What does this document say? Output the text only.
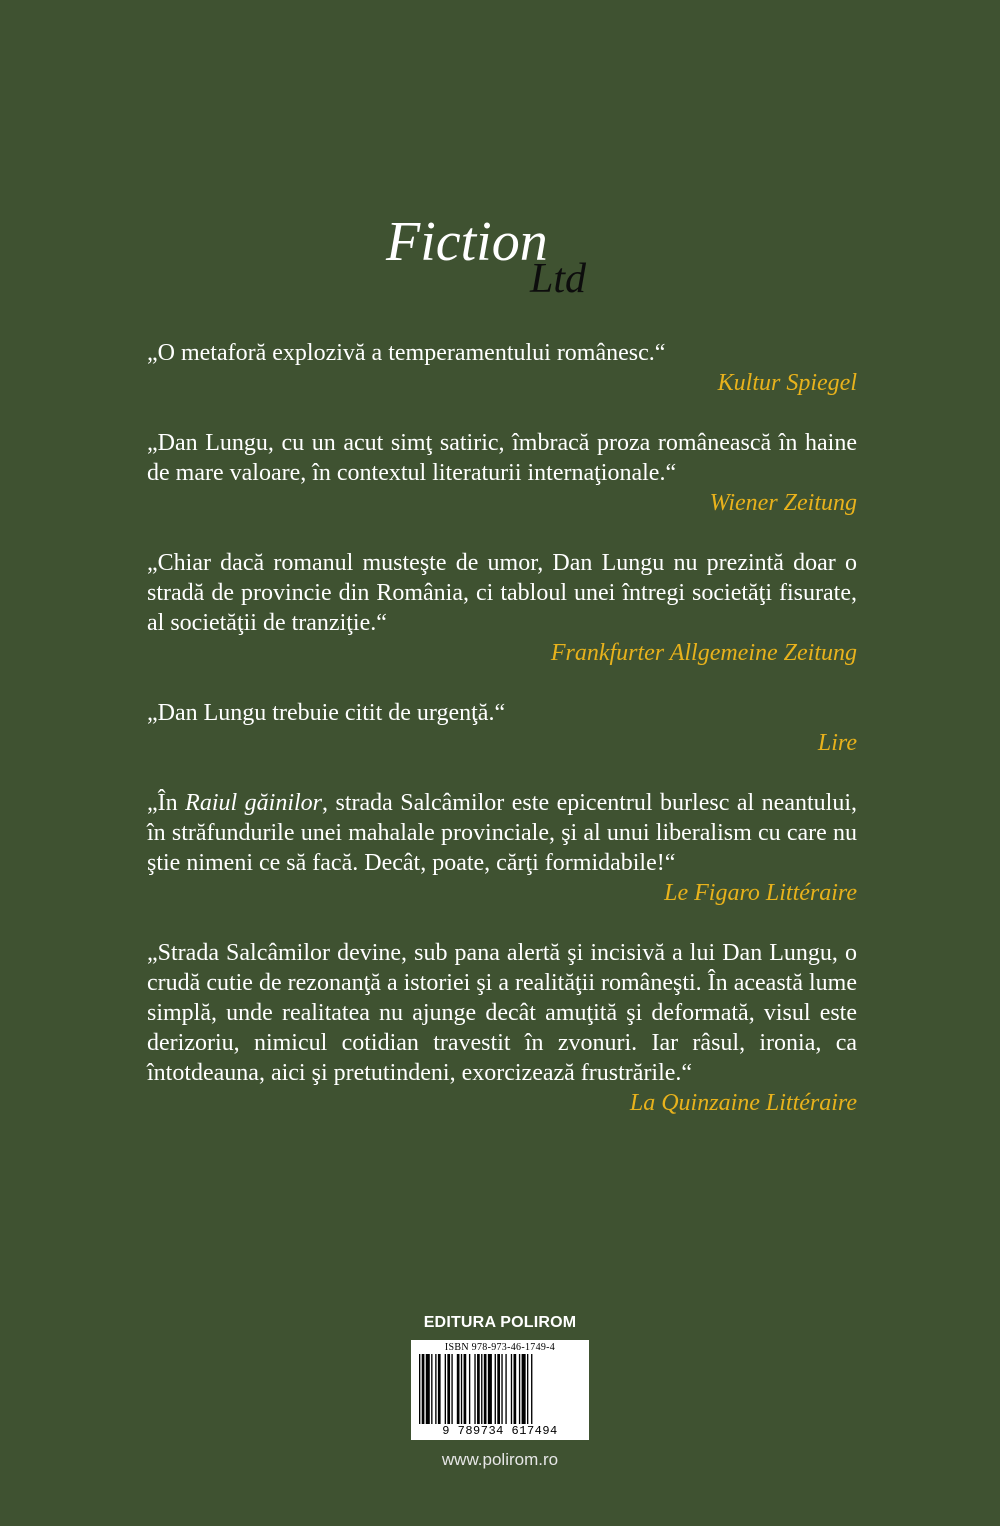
Fiction
Ltd

„O metaforă explozivă a temperamentului românesc.“

Kultur Spiegel

„Dan Lungu, cu un acut simţ satiric, îmbracă proza românească în haine de mare valoare, în contextul literaturii internaţionale.“

Wiener Zeitung

„Chiar dacă romanul musteşte de umor, Dan Lungu nu prezintă doar o stradă de provincie din România, ci tabloul unei întregi societăţi fisurate, al societăţii de tranziţie.“

Frankfurter Allgemeine Zeitung

„Dan Lungu trebuie citit de urgenţă.“

Lire

„În Raiul găinilor, strada Salcâmilor este epicentrul burlesc al neantului, în străfundurile unei mahalale provinciale, şi al unui liberalism cu care nu ştie nimeni ce să facă. Decât, poate, cărţi formidabile!“

Le Figaro Littéraire

„Strada Salcâmilor devine, sub pana alertă şi incisivă a lui Dan Lungu, o crudă cutie de rezonanţă a istoriei şi a realităţii româneşti. În această lume simplă, unde realitatea nu ajunge decât amuţită şi deformată, visul este derizoriu, nimicul cotidian travestit în zvonuri. Iar râsul, ironia, ca întotdeauna, aici şi pretutindeni, exorcizează frustrările.“

La Quinzaine Littéraire

EDITURA POLIROM
ISBN 978-973-46-1749-4
9 789734 617494
www.polirom.ro
